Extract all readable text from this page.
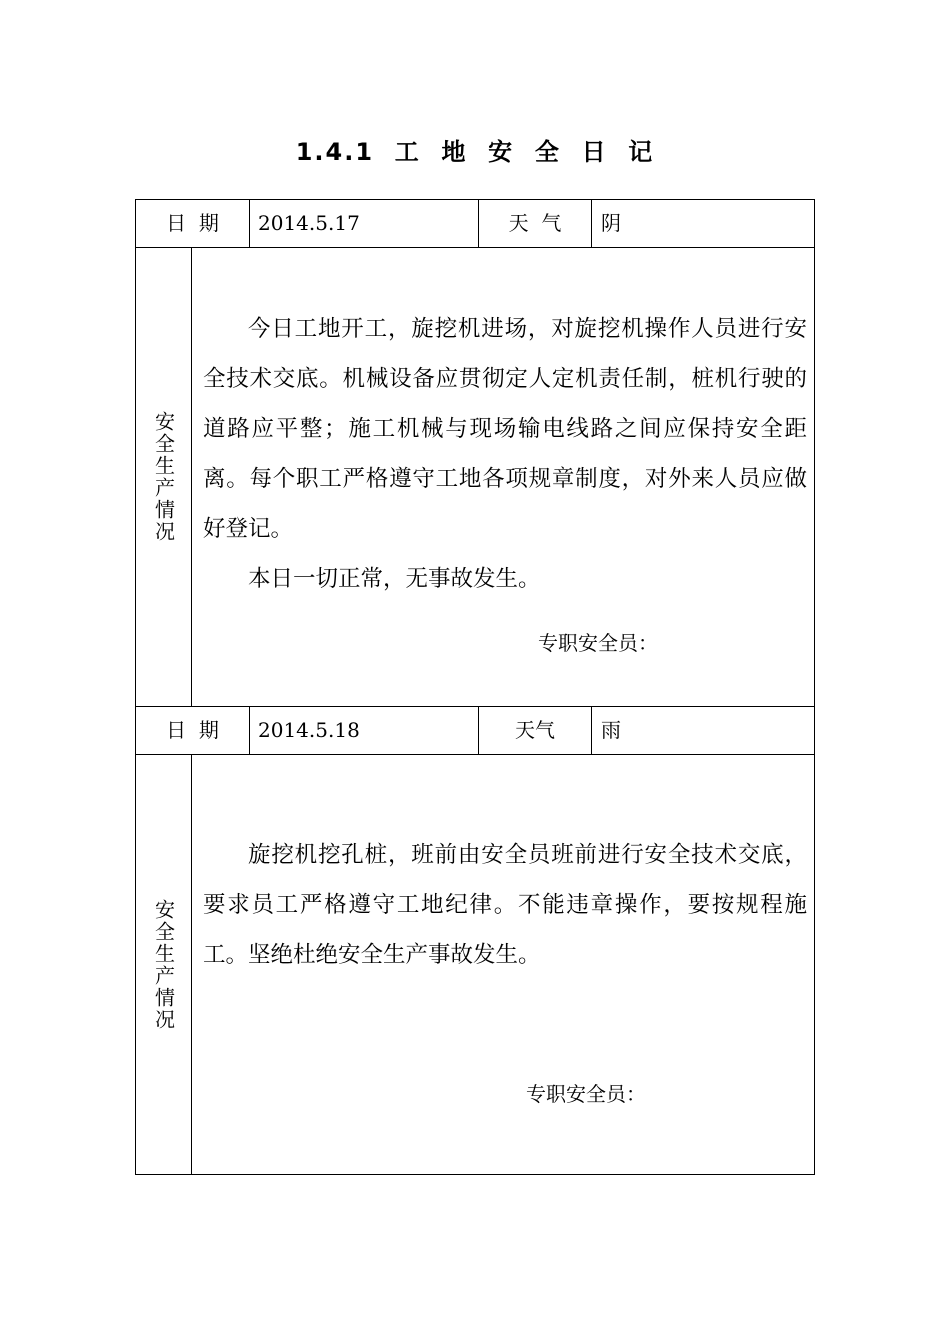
1.4.1  工  地  安  全  日  记
日  期	2014.5.17	天  气	阴
安全生产情况

今日工地开工，旋挖机进场，对旋挖机操作人员进行安全技术交底。机械设备应贯彻定人定机责任制，桩机行驶的道路应平整；施工机械与现场输电线路之间应保持安全距离。每个职工严格遵守工地各项规章制度，对外来人员应做好登记。

本日一切正常，无事故发生。

专职安全员：
日  期	2014.5.18	天气	雨
安全生产情况

旋挖机挖孔桩，班前由安全员班前进行安全技术交底，要求员工严格遵守工地纪律。不能违章操作，要按规程施工。坚绝杜绝安全生产事故发生。

专职安全员：
